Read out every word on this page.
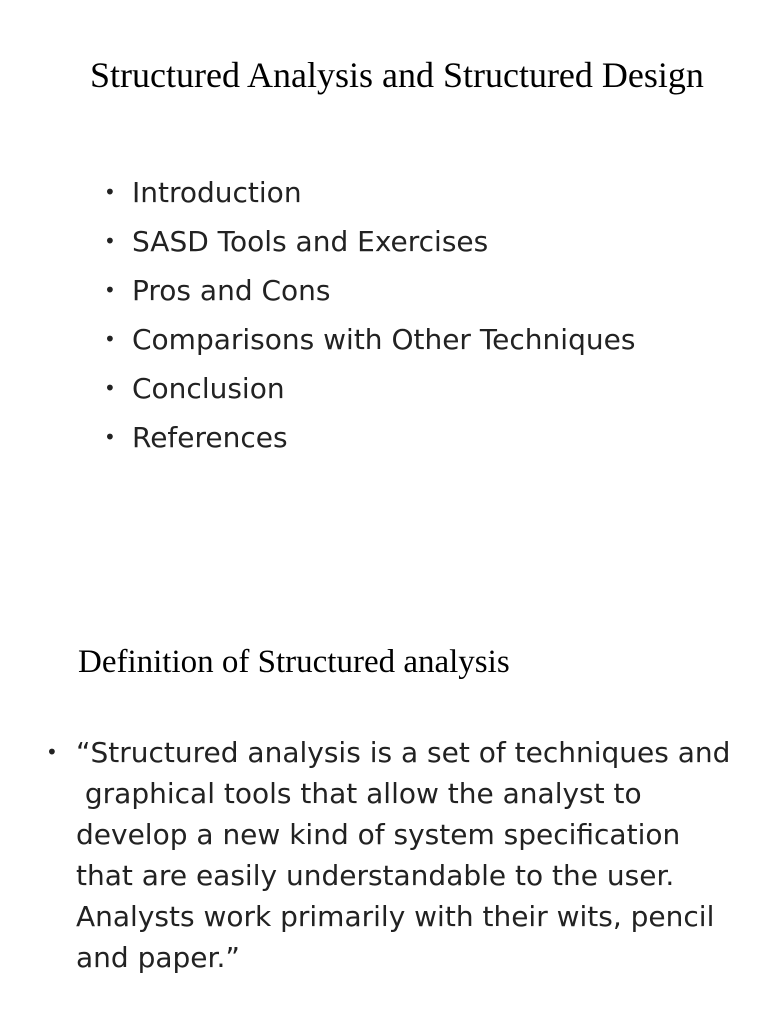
Structured Analysis and Structured Design
• Introduction
• SASD Tools and Exercises
• Pros and Cons
• Comparisons with Other Techniques
• Conclusion
• References
Definition of Structured analysis
• “Structured analysis is a set of techniques and
graphical tools that allow the analyst to
develop a new kind of system specification
that are easily understandable to the user.
Analysts work primarily with their wits, pencil
and paper.”
